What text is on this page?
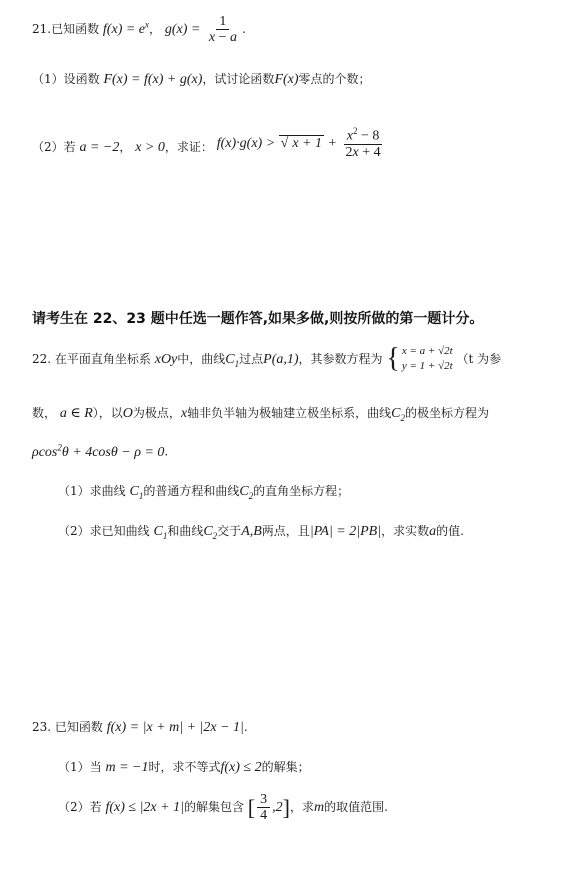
21.已知函数 $f(x) = e^x$， $g(x) = \frac{1}{x - a}$ .
（1）设函数 F(x) = f(x) + g(x)，试讨论函数F(x)零点的个数；
（2）若 a = −2， x > 0，求证： f(x)·g(x) > √ $x + 1 + \frac{x^2 - 8}{2x + 4}$
请考生在 22、23 题中任选一题作答,如果多做,则按所做的第一题计分。
22. 在平面直角坐标系 xOy中，曲线$C_1$过点P(a,1)，其参数方程为 { x = a + √2t
y = 1 + √2t
（t 为参
数， a ∈ R），以O为极点，x轴非负半轴为极轴建立极坐标系，曲线$C_2$的极坐标方程为
ρcos$^2$θ + 4cosθ − ρ = 0.
（1）求曲线 $C_1$的普通方程和曲线$C_2$的直角坐标方程；
（2）求已知曲线 $C_1$和曲线$C_2$交于A,B两点，且|PA| = 2|PB|，求实数a的值.
23. 已知函数 f(x) = |x + m| + |2x − 1|.
（1）当 m = −1时，求不等式f(x) ≤ 2的解集；
（2）若 f(x) ≤ |2x + 1|的解集包含 [ $\frac{3}{4} ,2$]，求m的取值范围.
